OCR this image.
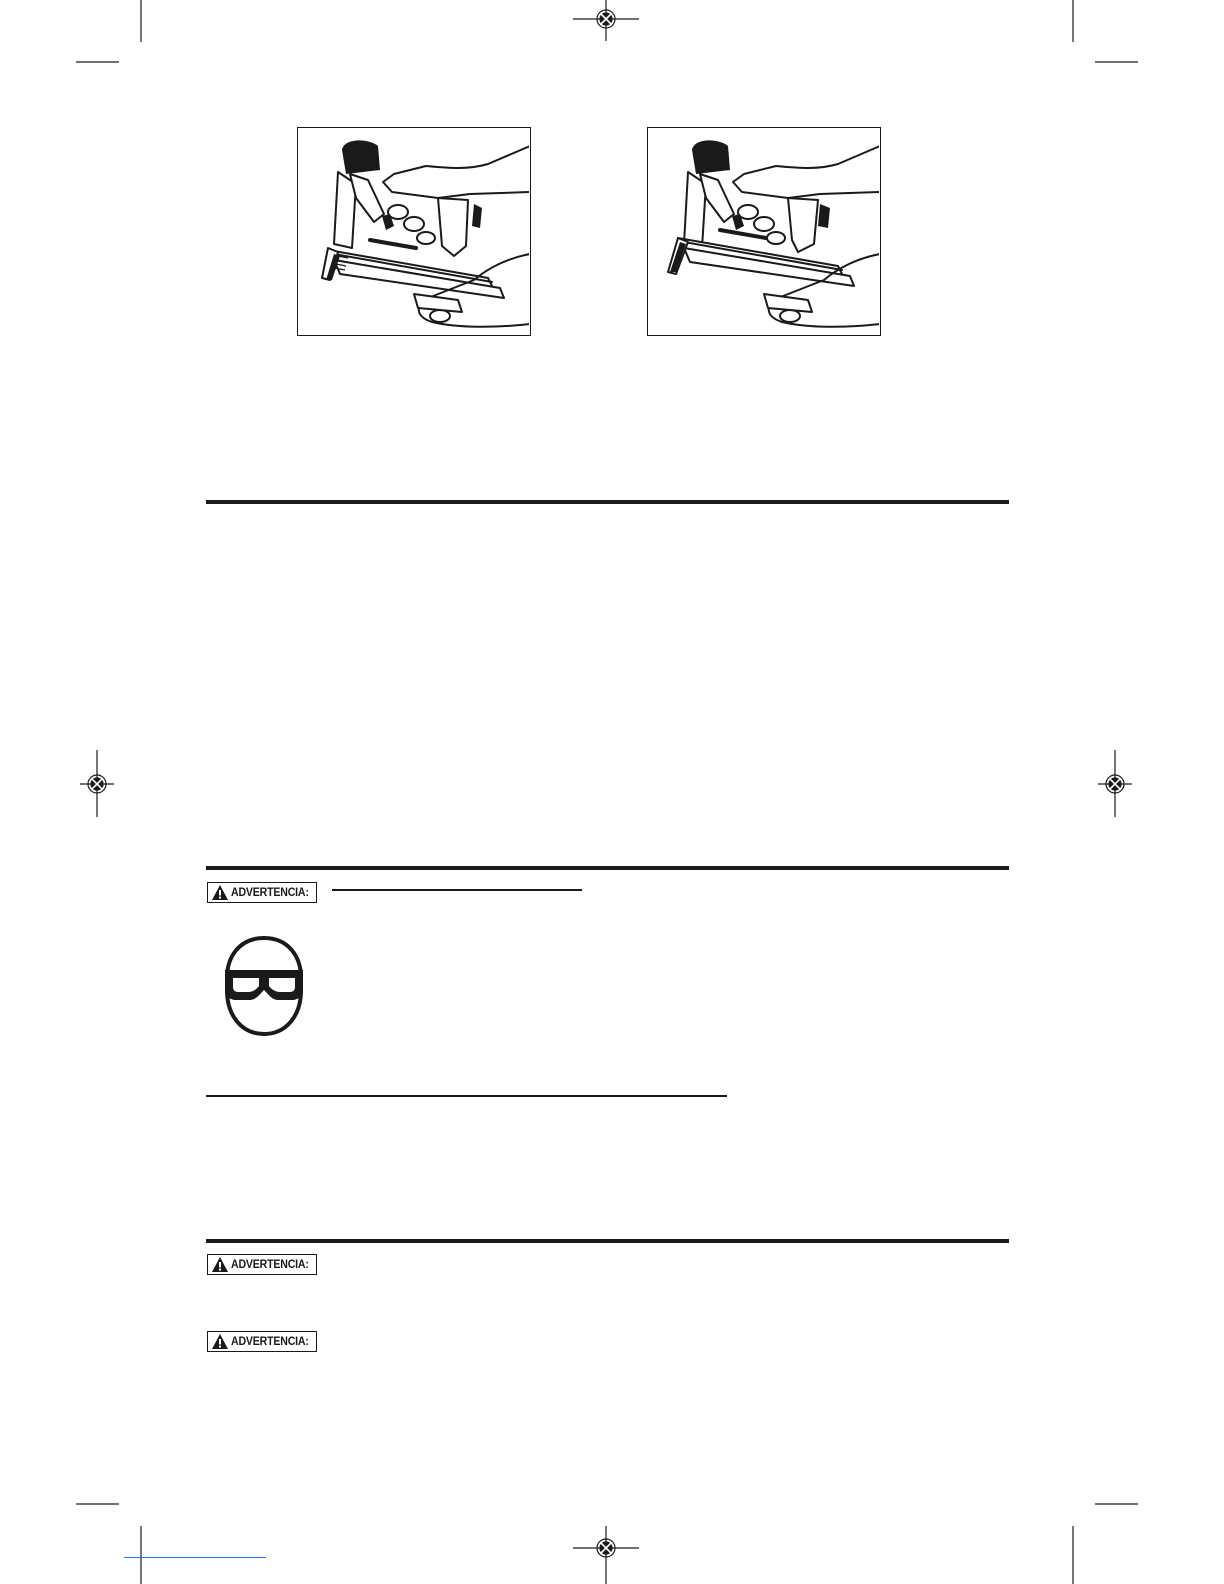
ADVERTENCIA:
ADVERTENCIA:
ADVERTENCIA:
